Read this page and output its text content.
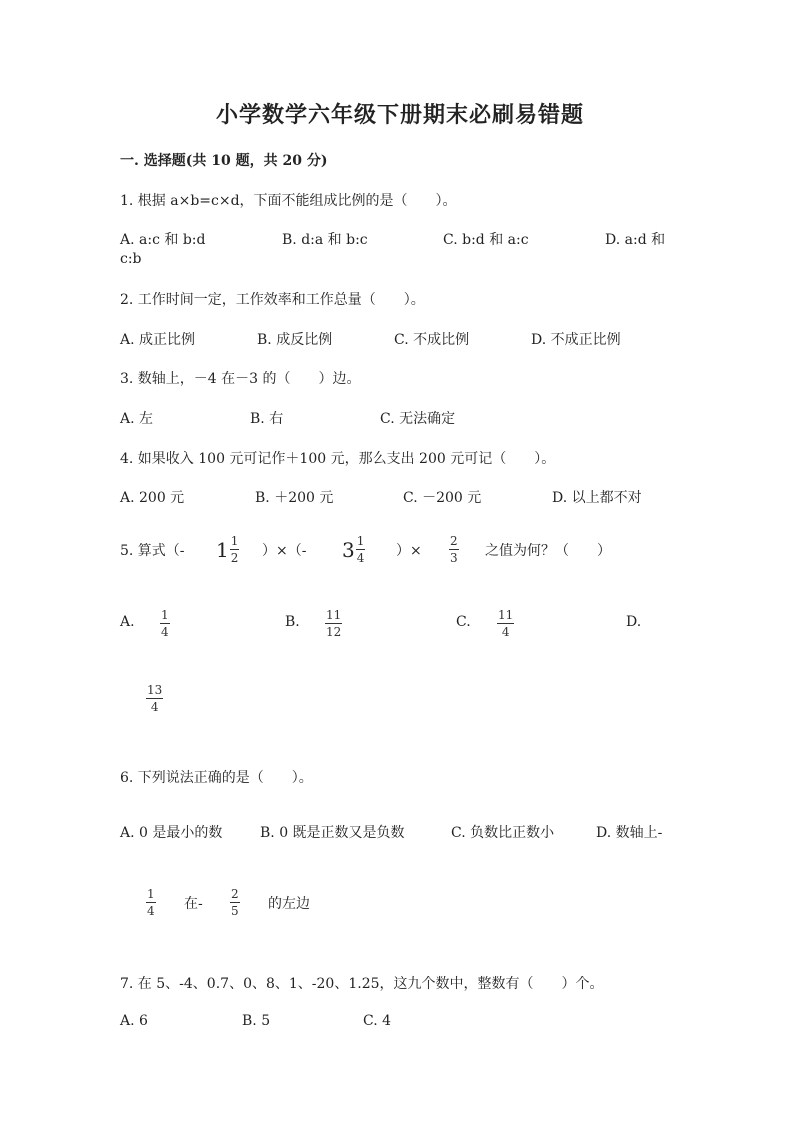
小学数学六年级下册期末必刷易错题
一. 选择题(共 10 题，共 20 分)
1. 根据 a×b=c×d，下面不能组成比例的是（　　）。
A. a:c 和 b:d	B. d:a 和 b:c	C. b:d 和 a:c	D. a:d 和
c:b
2. 工作时间一定，工作效率和工作总量（　　）。
A. 成正比例	B. 成反比例	C. 不成比例	D. 不成正比例
3. 数轴上，－4 在－3 的（　　）边。
A. 左	B. 右	C. 无法确定
4. 如果收入 100 元可记作＋100 元，那么支出 200 元可记（　　）。
A. 200 元	B. ＋200 元	C. －200 元	D. 以上都不对
5. 算式（- $1 \frac{1}{2}$ ）×（- $3 \frac{1}{4}$ ）×
2
3 之值为何？（　　）
A. 1
4
B. 11
12
C. 11
4
D.
13
4
6. 下列说法正确的是（　　）。
A. 0 是最小的数	B. 0 既是正数又是负数	C. 负数比正数小	D. 数轴上-
1
4 在-
2
5 的左边
7. 在 5、-4、0.7、0、8、1、-20、1.25，这九个数中，整数有（　　）个。
A. 6	B. 5	C. 4
